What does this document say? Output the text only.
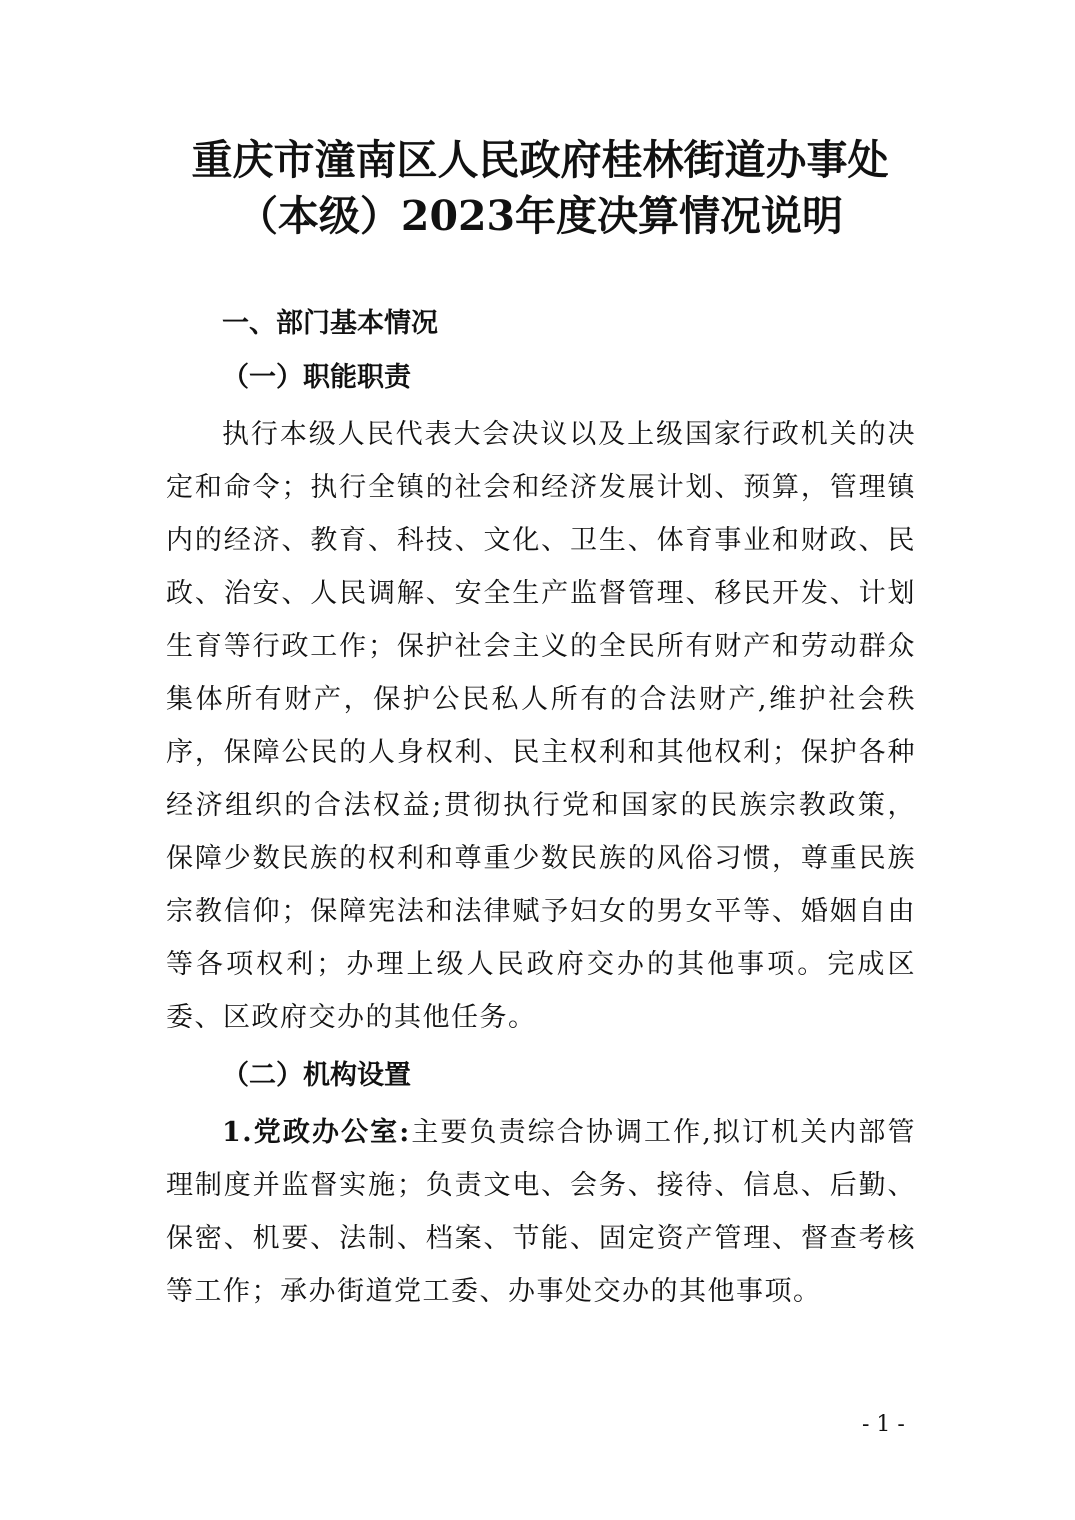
重庆市潼南区人民政府桂林街道办事处（本级）2023年度决算情况说明
一、部门基本情况
（一）职能职责

执行本级人民代表大会决议以及上级国家行政机关的决定和命令；执行全镇的社会和经济发展计划、预算，管理镇内的经济、教育、科技、文化、卫生、体育事业和财政、民政、治安、人民调解、安全生产监督管理、移民开发、计划生育等行政工作；保护社会主义的全民所有财产和劳动群众集体所有财产，保护公民私人所有的合法财产,维护社会秩序，保障公民的人身权利、民主权利和其他权利；保护各种经济组织的合法权益;贯彻执行党和国家的民族宗教政策，保障少数民族的权利和尊重少数民族的风俗习惯，尊重民族宗教信仰；保障宪法和法律赋予妇女的男女平等、婚姻自由等各项权利；办理上级人民政府交办的其他事项。完成区委、区政府交办的其他任务。

（二）机构设置

1.党政办公室:主要负责综合协调工作,拟订机关内部管理制度并监督实施；负责文电、会务、接待、信息、后勤、保密、机要、法制、档案、节能、固定资产管理、督查考核等工作；承办街道党工委、办事处交办的其他事项。

- 1 -
